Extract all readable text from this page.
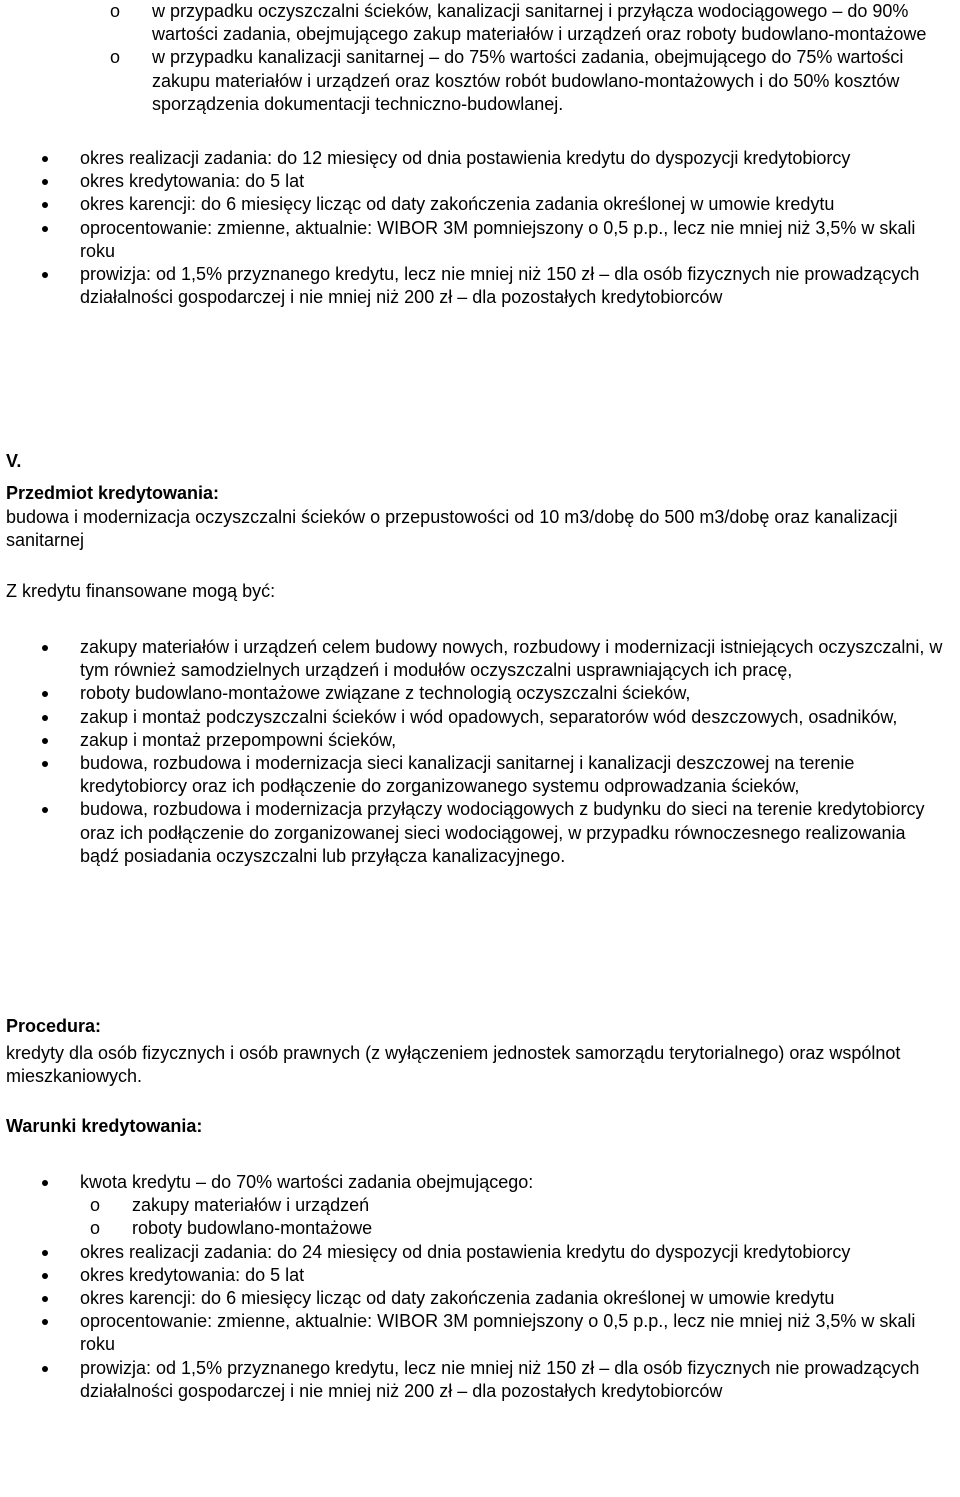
o w przypadku oczyszczalni ścieków, kanalizacji sanitarnej i przyłącza wodociągowego – do 90% wartości zadania, obejmującego zakup materiałów i urządzeń oraz roboty budowlano-montażowe
o w przypadku kanalizacji sanitarnej – do 75% wartości zadania, obejmującego do 75% wartości zakupu materiałów i urządzeń oraz kosztów robót budowlano-montażowych i do 50% kosztów sporządzenia dokumentacji techniczno-budowlanej.
okres realizacji zadania: do 12 miesięcy od dnia postawienia kredytu do dyspozycji kredytobiorcy
okres kredytowania: do 5 lat
okres karencji: do 6 miesięcy licząc od daty zakończenia zadania określonej w umowie kredytu
oprocentowanie: zmienne, aktualnie: WIBOR 3M pomniejszony o 0,5 p.p., lecz nie mniej niż 3,5% w skali roku
prowizja: od 1,5% przyznanego kredytu, lecz nie mniej niż 150 zł – dla osób fizycznych nie prowadzących działalności gospodarczej i nie mniej niż 200 zł – dla pozostałych kredytobiorców

V.

Przedmiot kredytowania:

budowa i modernizacja oczyszczalni ścieków o przepustowości od 10 m3/dobę do 500 m3/dobę oraz kanalizacji sanitarnej

Z kredytu finansowane mogą być:

zakupy materiałów i urządzeń celem budowy nowych, rozbudowy i modernizacji istniejących oczyszczalni, w tym również samodzielnych urządzeń i modułów oczyszczalni usprawniających ich pracę,
roboty budowlano-montażowe związane z technologią oczyszczalni ścieków,
zakup i montaż podczyszczalni ścieków i wód opadowych, separatorów wód deszczowych, osadników,
zakup i montaż przepompowni ścieków,
budowa, rozbudowa i modernizacja sieci kanalizacji sanitarnej i kanalizacji deszczowej na terenie kredytobiorcy oraz ich podłączenie do zorganizowanego systemu odprowadzania ścieków,
budowa, rozbudowa i modernizacja przyłączy wodociągowych z budynku do sieci na terenie kredytobiorcy oraz ich podłączenie do zorganizowanej sieci wodociągowej, w przypadku równoczesnego realizowania bądź posiadania oczyszczalni lub przyłącza kanalizacyjnego.

Procedura:

kredyty dla osób fizycznych i osób prawnych (z wyłączeniem jednostek samorządu terytorialnego) oraz wspólnot mieszkaniowych.

Warunki kredytowania:

kwota kredytu – do 70% wartości zadania obejmującego:
o zakupy materiałów i urządzeń
o roboty budowlano-montażowe
okres realizacji zadania: do 24 miesięcy od dnia postawienia kredytu do dyspozycji kredytobiorcy
okres kredytowania: do 5 lat
okres karencji: do 6 miesięcy licząc od daty zakończenia zadania określonej w umowie kredytu
oprocentowanie: zmienne, aktualnie: WIBOR 3M pomniejszony o 0,5 p.p., lecz nie mniej niż 3,5% w skali roku
prowizja: od 1,5% przyznanego kredytu, lecz nie mniej niż 150 zł – dla osób fizycznych nie prowadzących działalności gospodarczej i nie mniej niż 200 zł – dla pozostałych kredytobiorców
